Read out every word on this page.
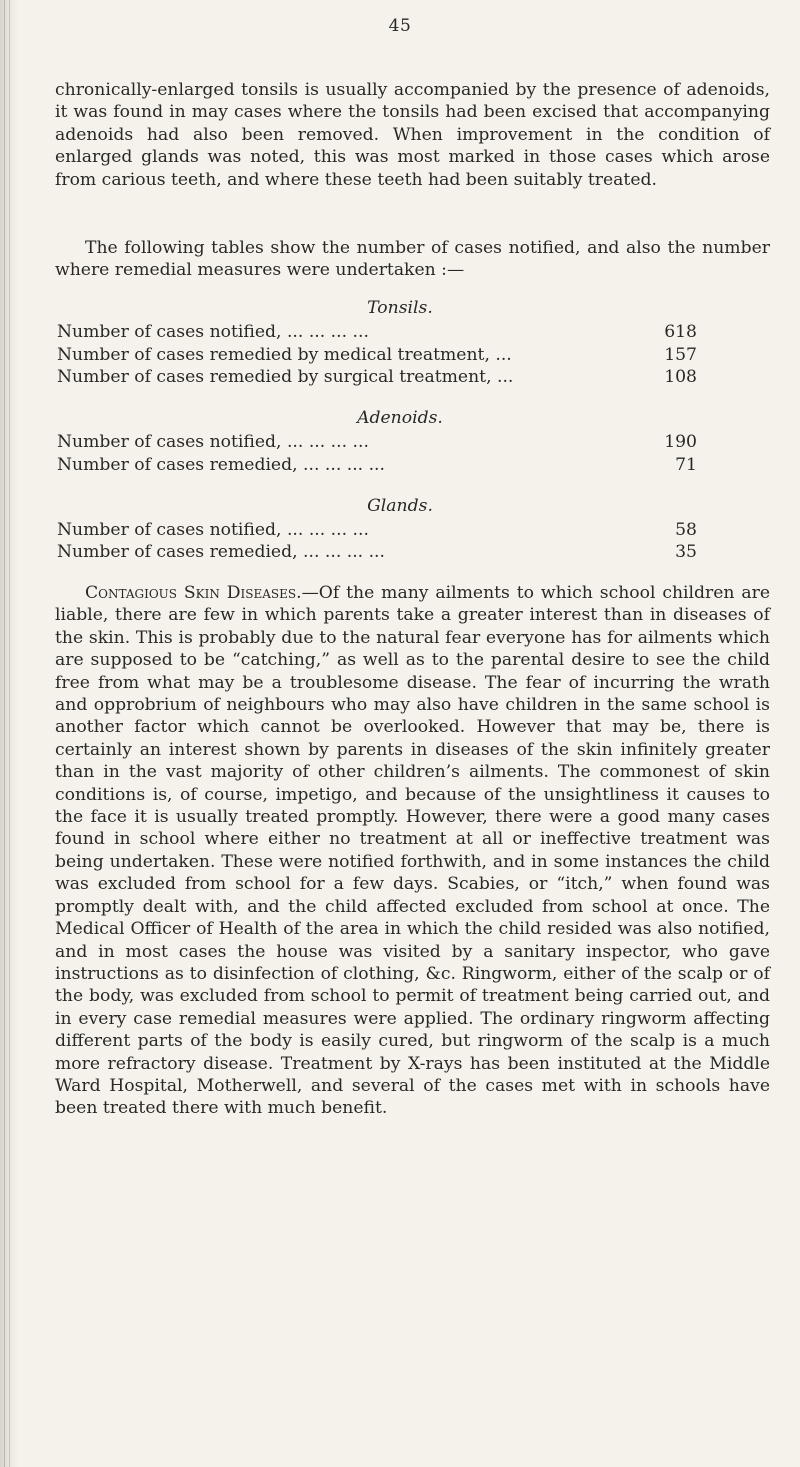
45

chronically-enlarged tonsils is usually accompanied by the presence of adenoids, it was found in may cases where the tonsils had been excised that accompanying adenoids had also been removed. When improvement in the condition of enlarged glands was noted, this was most marked in those cases which arose from carious teeth, and where these teeth had been suitably treated.

The following tables show the number of cases notified, and also the number where remedial measures were undertaken :—

Tonsils.
Number of cases notified, ... ... ... ...	618
Number of cases remedied by medical treatment, ...	157
Number of cases remedied by surgical treatment, ...	108
Adenoids.
Number of cases notified, ... ... ... ...	190
Number of cases remedied, ... ... ... ...	71
Glands.
Number of cases notified, ... ... ... ...	58
Number of cases remedied, ... ... ... ...	35

Contagious Skin Diseases.—Of the many ailments to which school children are liable, there are few in which parents take a greater interest than in diseases of the skin. This is probably due to the natural fear everyone has for ailments which are supposed to be “catching,” as well as to the parental desire to see the child free from what may be a troublesome disease. The fear of incurring the wrath and opprobrium of neighbours who may also have children in the same school is another factor which cannot be overlooked. However that may be, there is certainly an interest shown by parents in diseases of the skin infinitely greater than in the vast majority of other children’s ailments. The commonest of skin conditions is, of course, impetigo, and because of the unsightliness it causes to the face it is usually treated promptly. However, there were a good many cases found in school where either no treatment at all or ineffective treatment was being undertaken. These were notified forthwith, and in some instances the child was excluded from school for a few days. Scabies, or “itch,” when found was promptly dealt with, and the child affected excluded from school at once. The Medical Officer of Health of the area in which the child resided was also notified, and in most cases the house was visited by a sanitary inspector, who gave instructions as to disinfection of clothing, &c. Ringworm, either of the scalp or of the body, was excluded from school to permit of treatment being carried out, and in every case remedial measures were applied. The ordinary ringworm affecting different parts of the body is easily cured, but ringworm of the scalp is a much more refractory disease. Treatment by X-rays has been instituted at the Middle Ward Hospital, Motherwell, and several of the cases met with in schools have been treated there with much benefit.
